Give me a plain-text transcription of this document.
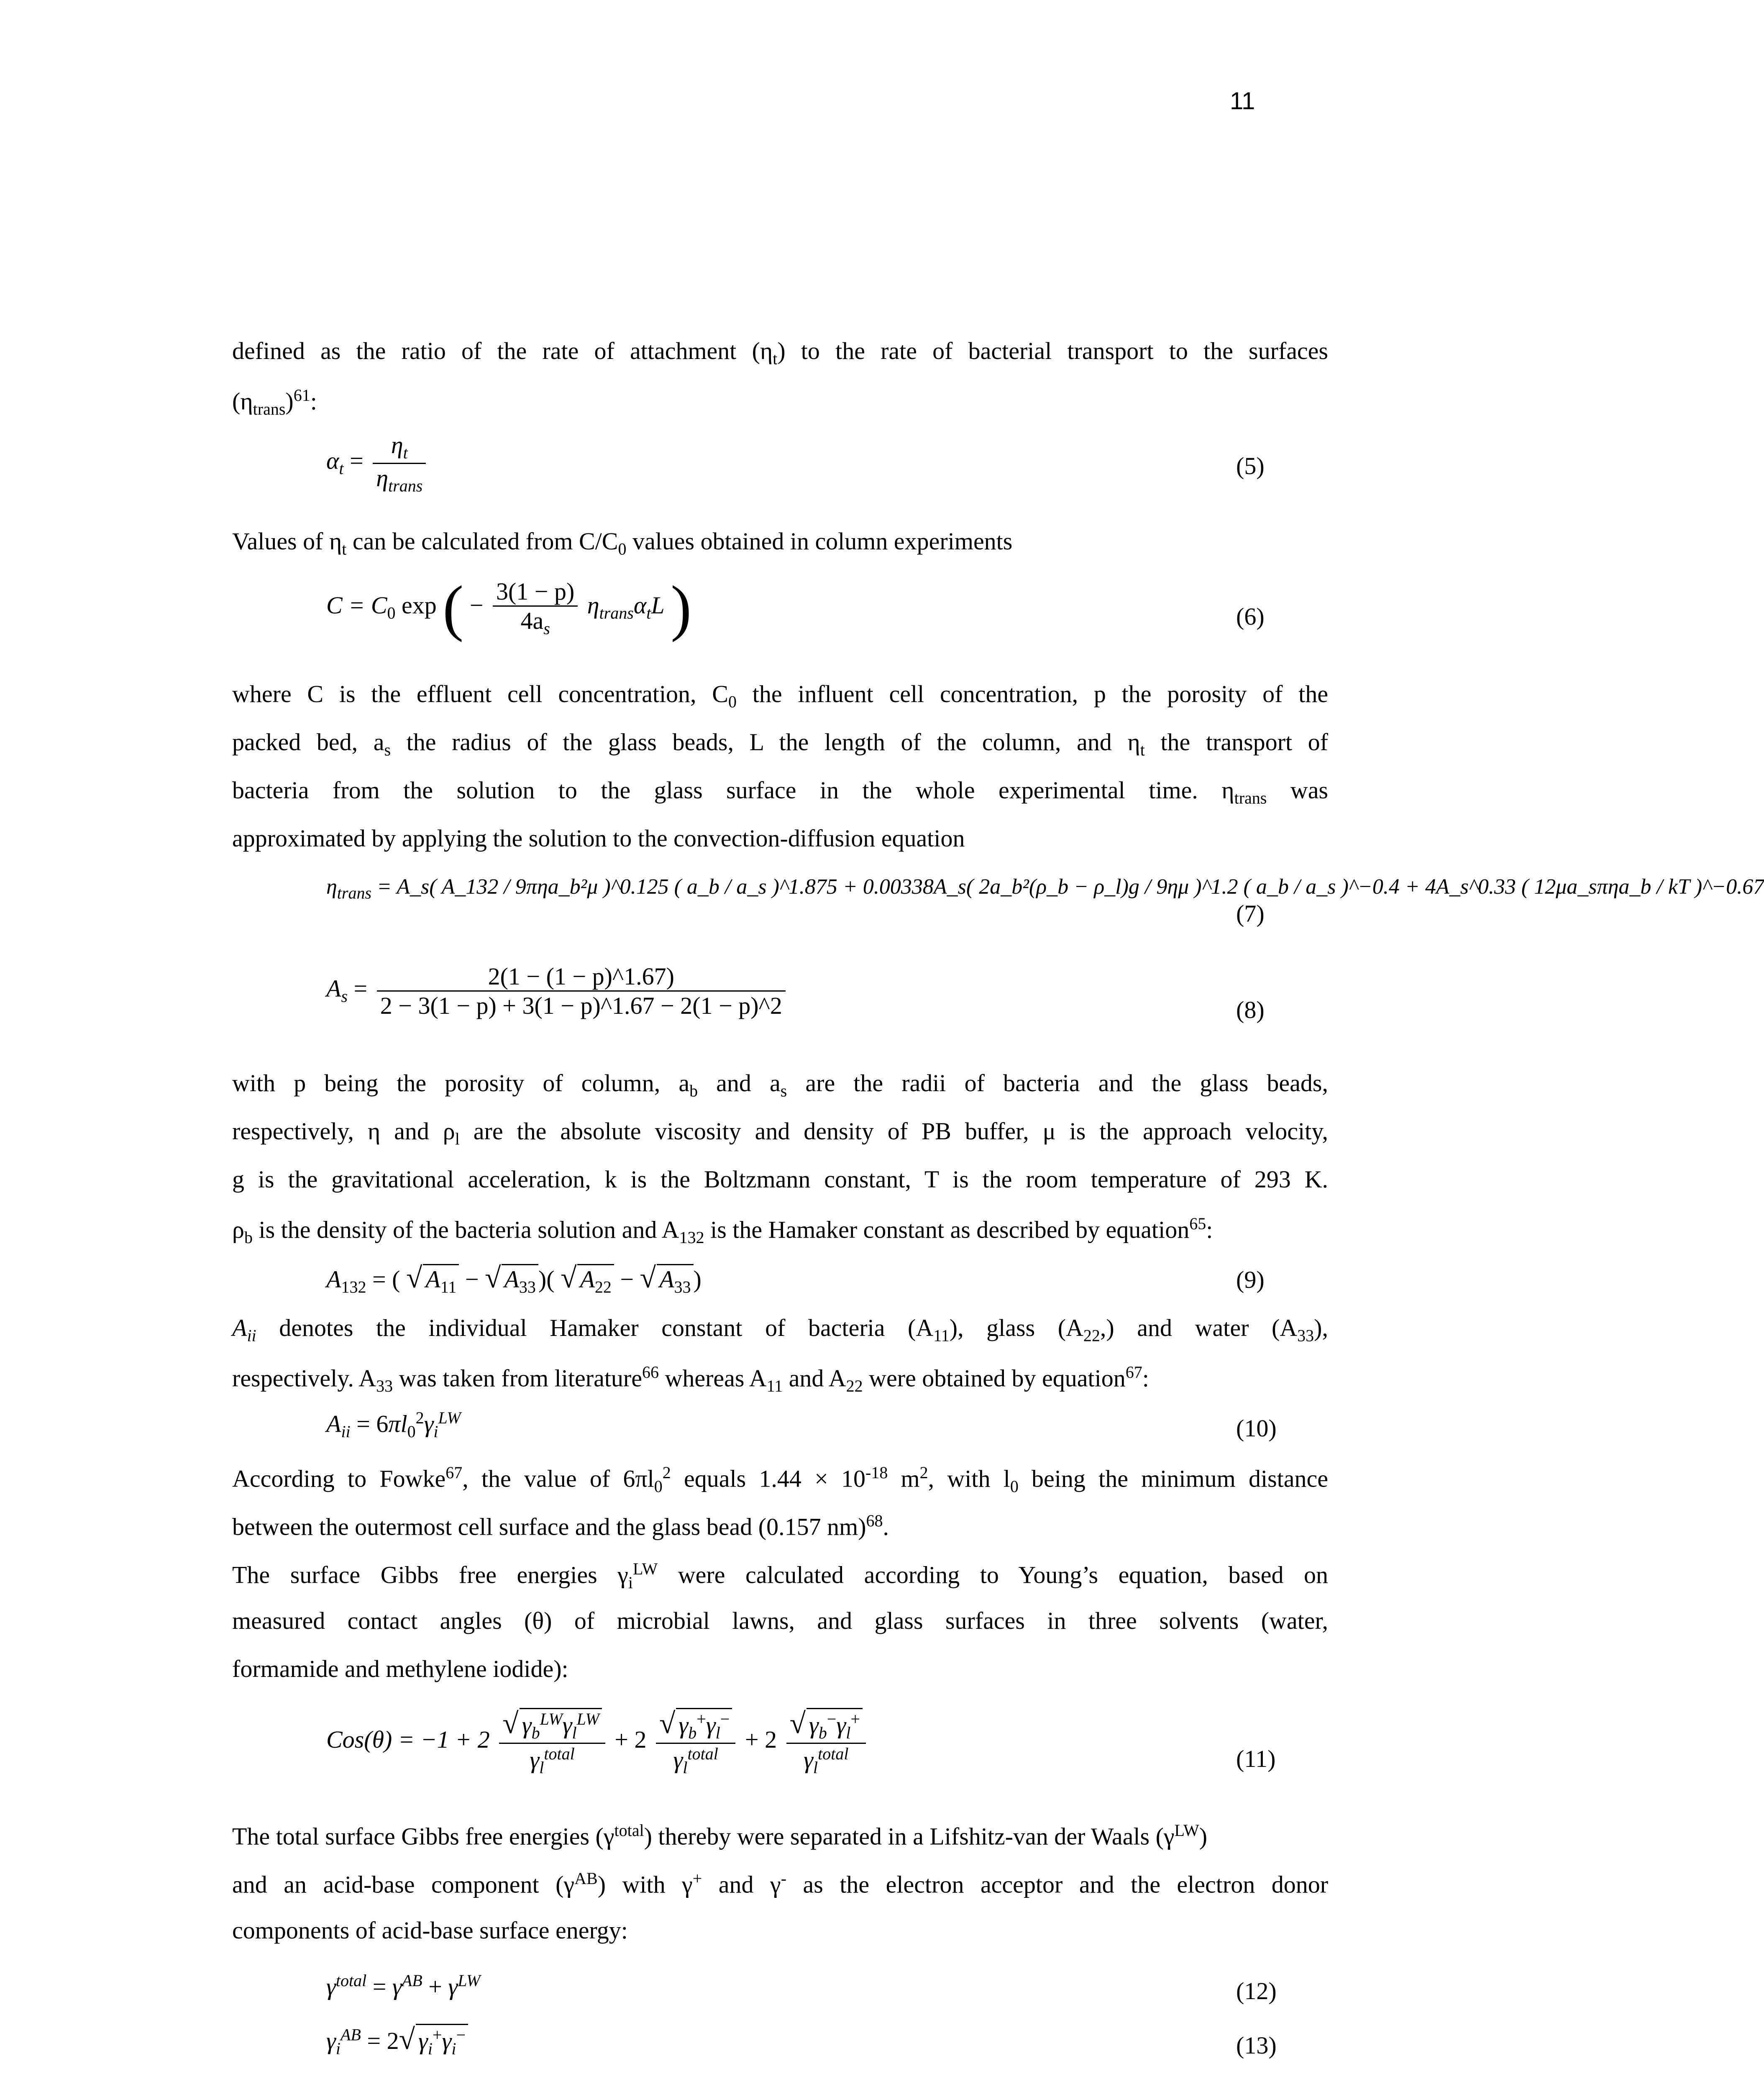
11
defined as the ratio of the rate of attachment $(\eta_t)$ to the rate of bacterial transport to the surfaces
$(\eta_{trans})^{61}$:
$\alpha_t = \frac{\eta_t}{\eta_{trans}}$	(5)
Values of $\eta_t$ can be calculated from $C/C_0$ values obtained in column experiments
$C = C_0$ exp ( − $\frac{3(1 - p)}{4a_s} \eta_{trans}\alpha_tL$ )	(6)
where C is the effluent cell concentration, $C_0$ the influent cell concentration, p the porosity of the
packed bed, $a_s$ the radius of the glass beads, L the length of the column, and $\eta_t$ the transport of
bacteria from the solution to the glass surface in the whole experimental time. $\eta_{trans}$ was
approximated by applying the solution to the convection-diffusion equation
$\eta_{trans}$ = A_s( A_132 / 9πηa_b²μ )^0.125 ( a_b / a_s )^1.875 + 0.00338A_s( 2a_b²(ρ_b − ρ_l)g / 9ημ )^1.2 ( a_b / a_s )^−0.4 + 4A_s^0.33 ( 12μa_sπηa_b / kT )^−0.67
(7)
$A_s = \frac{2(1 - (1 - p)\^{}1.67)}{2 - 3(1 - p) + 3(1 - p)\^{}1.67 - 2(1 - p)\^{}2}$	(8)
with p being the porosity of column, $a_b$ and $a_s$ are the radii of bacteria and the glass beads,
respectively, η and $\rho_l$ are the absolute viscosity and density of PB buffer, μ is the approach velocity,
g is the gravitational acceleration, k is the Boltzmann constant, T is the room temperature of 293 K.
$\rho_b$ is the density of the bacteria solution and $A_{132}$ is the Hamaker constant as described by equation$^{65}$:
$A_{132}$ = ( √ $A_{11}$ − √ $A_{33}$ )( √ $A_{22}$ − √ $A_{33}$ )	(9)
$A_{ii}$ denotes the individual Hamaker constant of bacteria $(A_{11})$, glass $(A_{22},)$ and water $(A_{33})$,
respectively. $A_{33}$ was taken from literature$^{66}$ whereas $A_{11}$ and $A_{22}$ were obtained by equation$^{67}$:
$A_{ii} = 6\pi l_0^2\gamma_i^{LW}$	(10)
According to Fowke$^{67}$, the value of $6\pi l_0^2$ equals $1.44 \times 10^{-18}$ $m^2$, with $l_0$ being the minimum distance
between the outermost cell surface and the glass bead (0.157 nm)$^{68}$.
The surface Gibbs free energies $\gamma_i^{LW}$ were calculated according to Young’s equation, based on
measured contact angles (θ) of microbial lawns, and glass surfaces in three solvents (water,
formamide and methylene iodide):
$Cos(\theta) = -1 + 2 \frac{√ \gamma_b^{LW}\gamma_l^{LW}}{\gamma_l^{total}} + 2 \frac{√ \gamma_b^+\gamma_l^-}{\gamma_l^{total}} + 2 \frac{√ \gamma_b^-\gamma_l^+}{\gamma_l^{total}}$	(11)
The total surface Gibbs free energies $(\gamma^{total})$ thereby were separated in a Lifshitz-van der Waals $(\gamma^{LW})$
and an acid-base component $(\gamma^{AB})$ with γ+ and γ- as the electron acceptor and the electron donor
components of acid-base surface energy:
$\gamma^{total} = \gamma^{AB} + \gamma^{LW}$	(12)
$\gamma_i^{AB} = 2√$ $\gamma_i^+\gamma_i^-$	(13)
